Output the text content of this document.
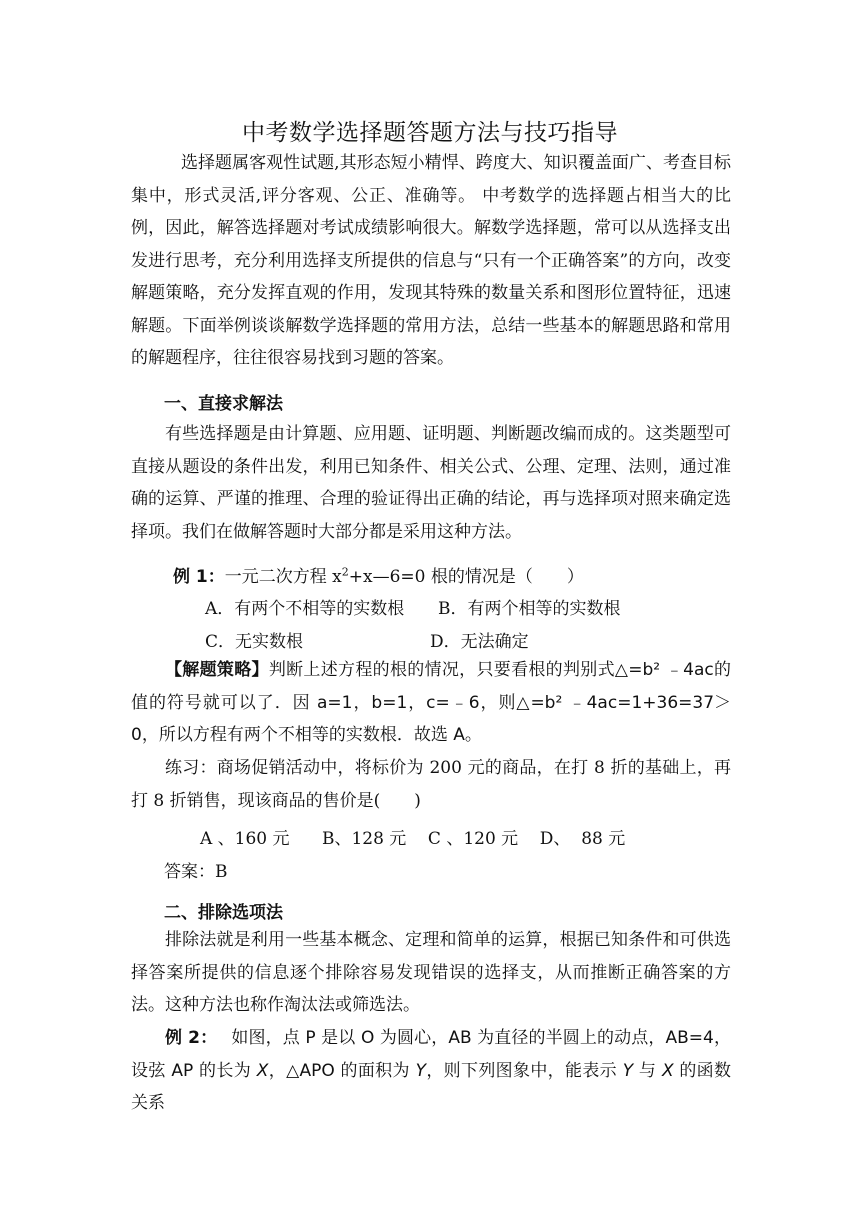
中考数学选择题答题方法与技巧指导
选择题属客观性试题,其形态短小精悍、跨度大、知识覆盖面广、考查目标集中，形式灵活,评分客观、公正、准确等。 中考数学的选择题占相当大的比例，因此，解答选择题对考试成绩影响很大。解数学选择题，常可以从选择支出发进行思考，充分利用选择支所提供的信息与“只有一个正确答案”的方向，改变解题策略，充分发挥直观的作用，发现其特殊的数量关系和图形位置特征，迅速解题。下面举例谈谈解数学选择题的常用方法，总结一些基本的解题思路和常用的解题程序，往往很容易找到习题的答案。
一、直接求解法
有些选择题是由计算题、应用题、证明题、判断题改编而成的。这类题型可直接从题设的条件出发，利用已知条件、相关公式、公理、定理、法则，通过准确的运算、严谨的推理、合理的验证得出正确的结论，再与选择项对照来确定选择项。我们在做解答题时大部分都是采用这种方法。
例 1：一元二次方程 $x^2+x—6=0$ 根的情况是（　　）
A．有两个不相等的实数根 B．有两个相等的实数根
C．无实数根	D．无法确定
【解题策略】判断上述方程的根的情况，只要看根的判别式△=b² ﹣4ac的值的符号就可以了．因 a=1，b=1，c=﹣6，则△=b² ﹣4ac=1+36=37＞0，所以方程有两个不相等的实数根．故选 A。
练习：商场促销活动中，将标价为 200 元的商品，在打 8 折的基础上，再打 8 折销售，现该商品的售价是(　　)
A 、160 元      B、128 元    C 、120 元    D、  88 元
答案：B
二、排除选项法
排除法就是利用一些基本概念、定理和简单的运算，根据已知条件和可供选择答案所提供的信息逐个排除容易发现错误的选择支，从而推断正确答案的方法。这种方法也称作淘汰法或筛选法。
例 2：　 如图，点 P 是以 O 为圆心，AB 为直径的半圆上的动点，AB=4，设弦 AP 的长为 X，△APO 的面积为 Y，则下列图象中，能表示 Y 与 X 的函数关系
